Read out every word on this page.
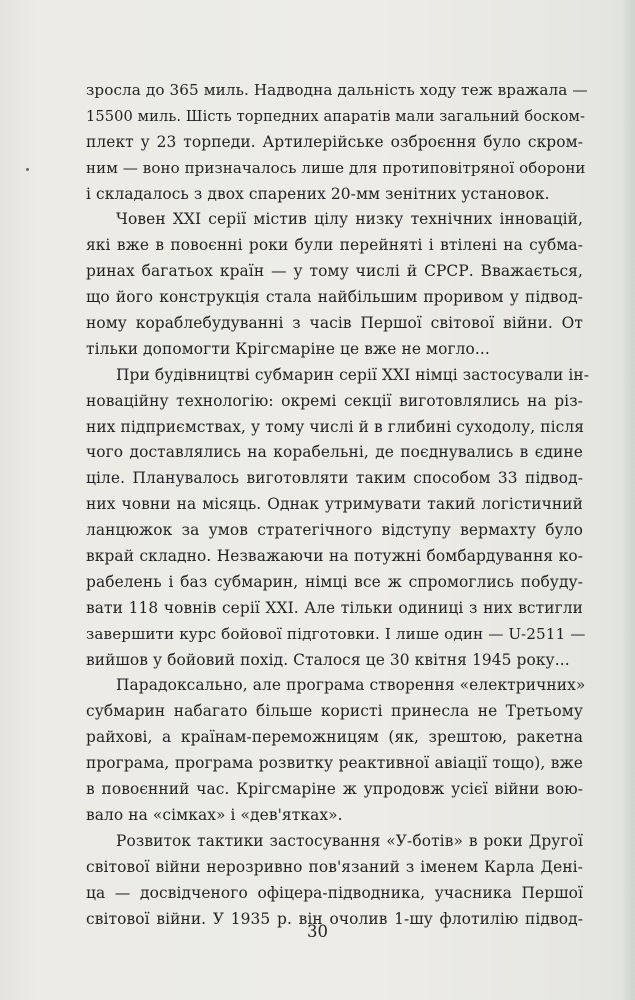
зросла до 365 миль. Надводна дальність ходу теж вражала —
15500 миль. Шість торпедних апаратів мали загальний боском-
плект у 23 торпеди. Артилерійське озброєння було скром-
ним — воно призначалось лише для протиповітряної оборони
і складалось з двох спарених 20-мм зенітних установок.
Човен XXI серії містив цілу низку технічних інновацій,
які вже в повоєнні роки були перейняті і втілені на субма-
ринах багатьох країн — у тому числі й СРСР. Вважається,
що його конструкція стала найбільшим проривом у підвод-
ному кораблебудуванні з часів Першої світової війни. От
тільки допомогти Крігсмаріне це вже не могло...
При будівництві субмарин серії XXI німці застосували ін-
новаційну технологію: окремі секції виготовлялись на різ-
них підприємствах, у тому числі й в глибині суходолу, після
чого доставлялись на корабельні, де поєднувались в єдине
ціле. Планувалось виготовляти таким способом 33 підвод-
них човни на місяць. Однак утримувати такий логістичний
ланцюжок за умов стратегічного відступу вермахту було
вкрай складно. Незважаючи на потужні бомбардування ко-
рабелень і баз субмарин, німці все ж спромоглись побуду-
вати 118 човнів серії XXI. Але тільки одиниці з них встигли
завершити курс бойової підготовки. І лише один — U-2511 —
вийшов у бойовий похід. Сталося це 30 квітня 1945 року...
Парадоксально, але програма створення «електричних»
субмарин набагато більше користі принесла не Третьому
райхові, а країнам-переможницям (як, зрештою, ракетна
програма, програма розвитку реактивної авіації тощо), вже
в повоєнний час. Крігсмаріне ж упродовж усієї війни вою-
вало на «сімках» і «дев'ятках».
Розвиток тактики застосування «У-ботів» в роки Другої
світової війни нерозривно пов'язаний з іменем Карла Дені-
ца — досвідченого офіцера-підводника, учасника Першої
світової війни. У 1935 р. він очолив 1-шу флотилію підвод-
30
